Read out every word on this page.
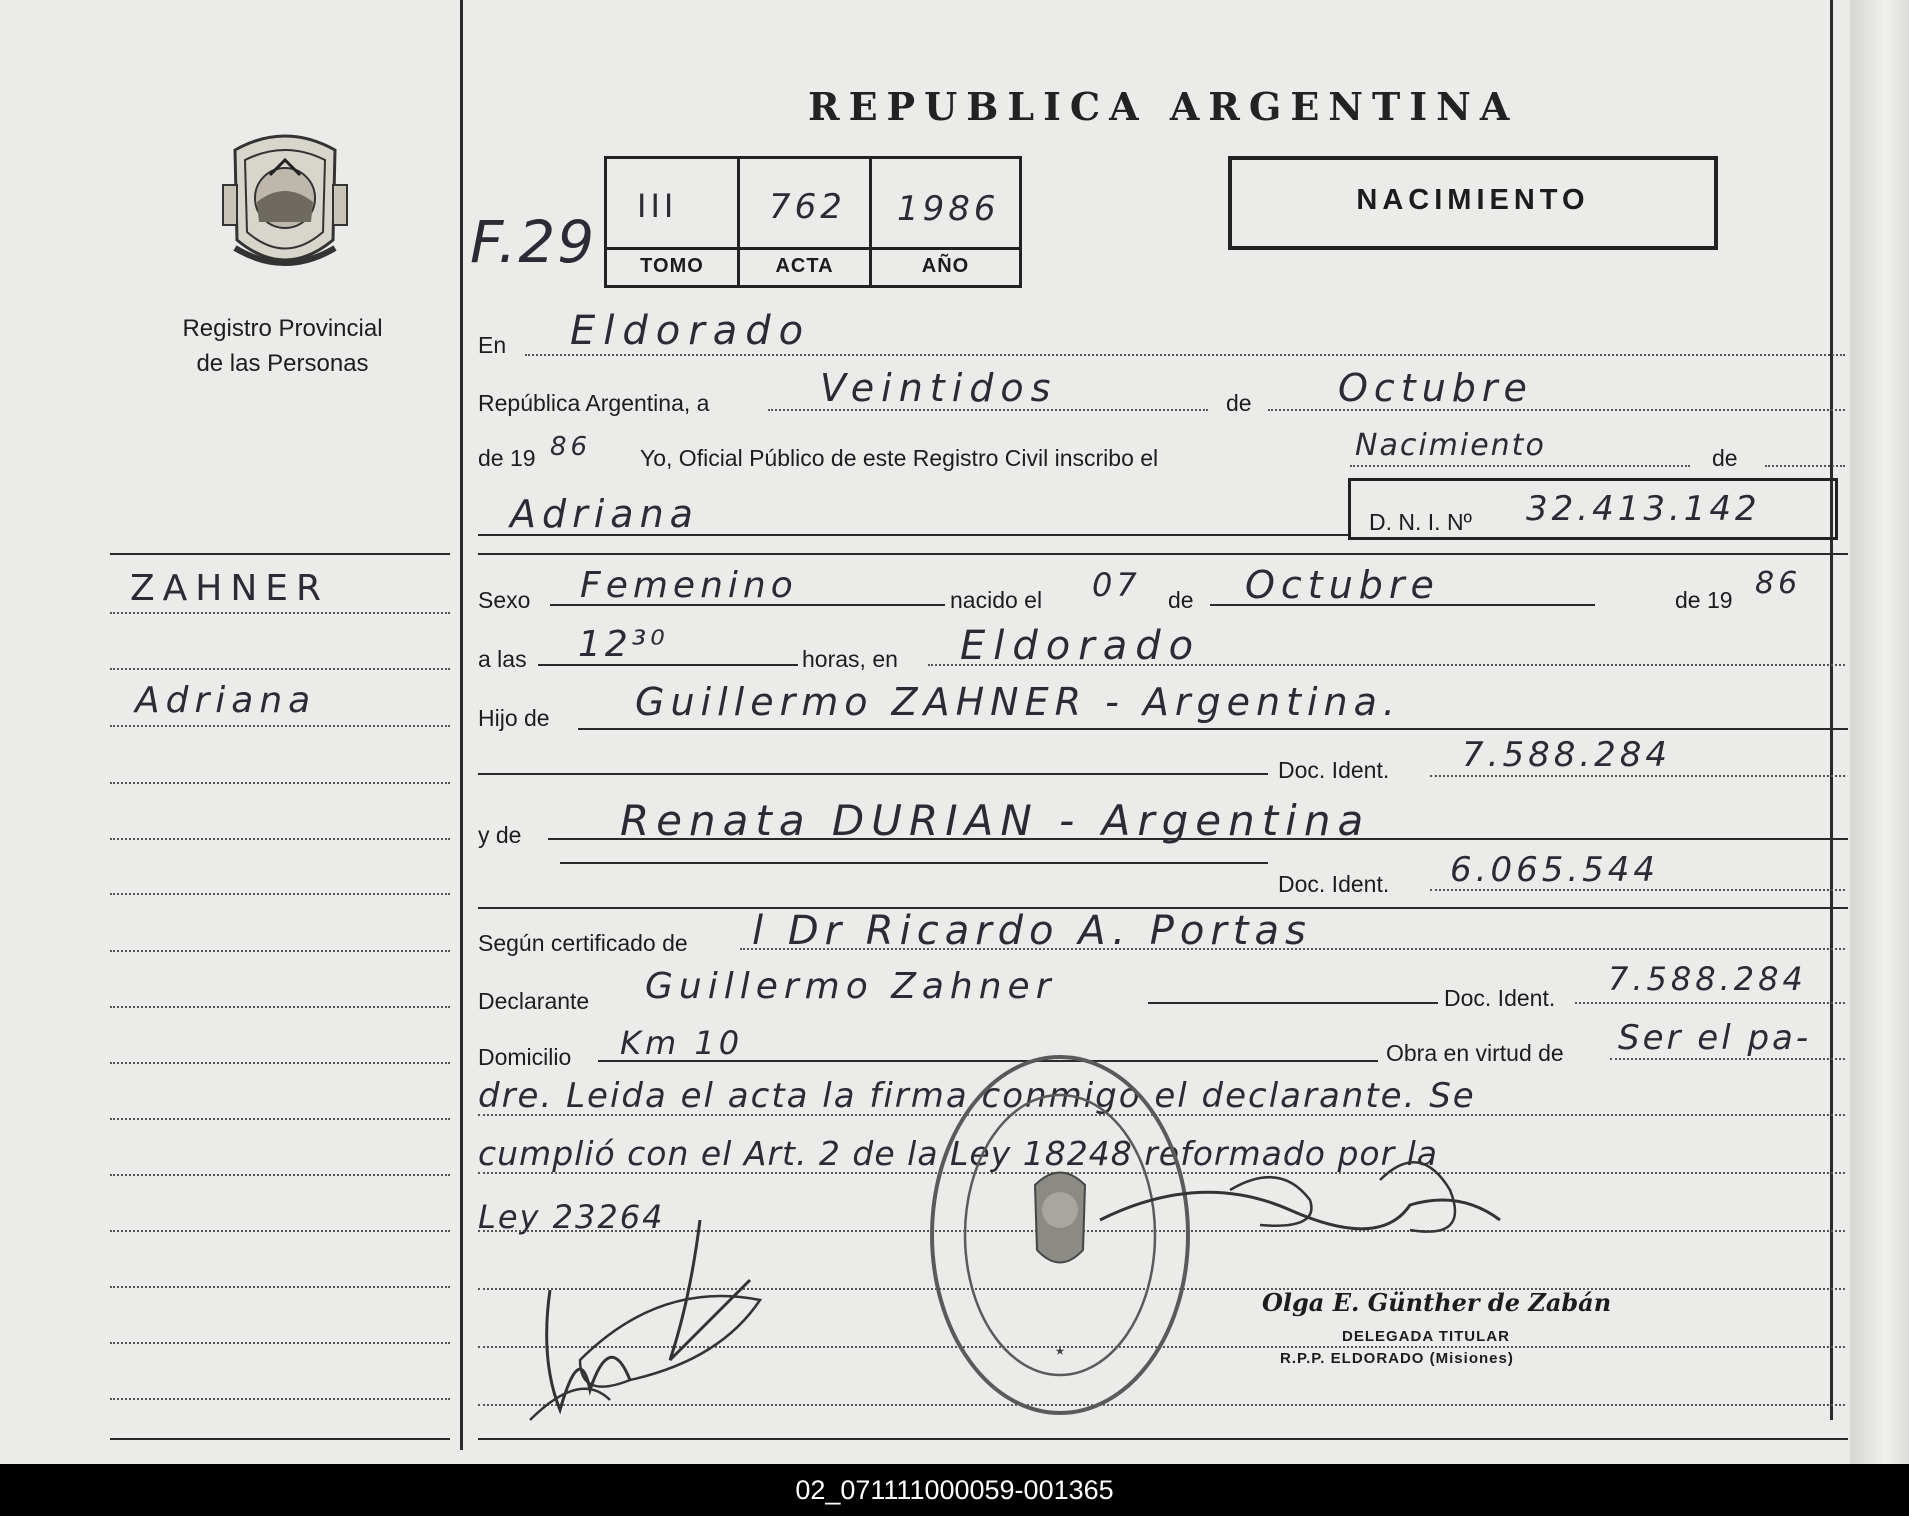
Registro Provincial
de las Personas
ZAHNER
Adriana
REPUBLICA ARGENTINA
F.29
III	762 1986
TOMO	ACTA	AÑO
NACIMIENTO
En Eldorado
República Argentina, a	Veintidos	de Octubre
de 19 86 Yo, Oficial Público de este Registro Civil inscribo el	Nacimiento	de
Adriana	D. N. I. Nº 32.413.142
Sexo Femenino	nacido el 07 de Octubre	de 19 86
a las 12³⁰	horas, en Eldorado
Hijo de Guillermo ZAHNER - Argentina.
Doc. Ident. 7.588.284
y de Renata DURIAN - Argentina
Doc. Ident. 6.065.544
Según certificado de l Dr Ricardo A. Portas
Declarante Guillermo Zahner	Doc. Ident. 7.588.284
Domicilio Km 10	Obra en virtud de Ser el pa-
dre. Leida el acta la firma conmigo el declarante. Se
cumplió con el Art. 2 de la Ley 18248 reformado por la
Ley 23264
★
Olga E. Günther de Zabán
DELEGADA TITULAR
R.P.P. ELDORADO (Misiones)
02_071111000059-001365
